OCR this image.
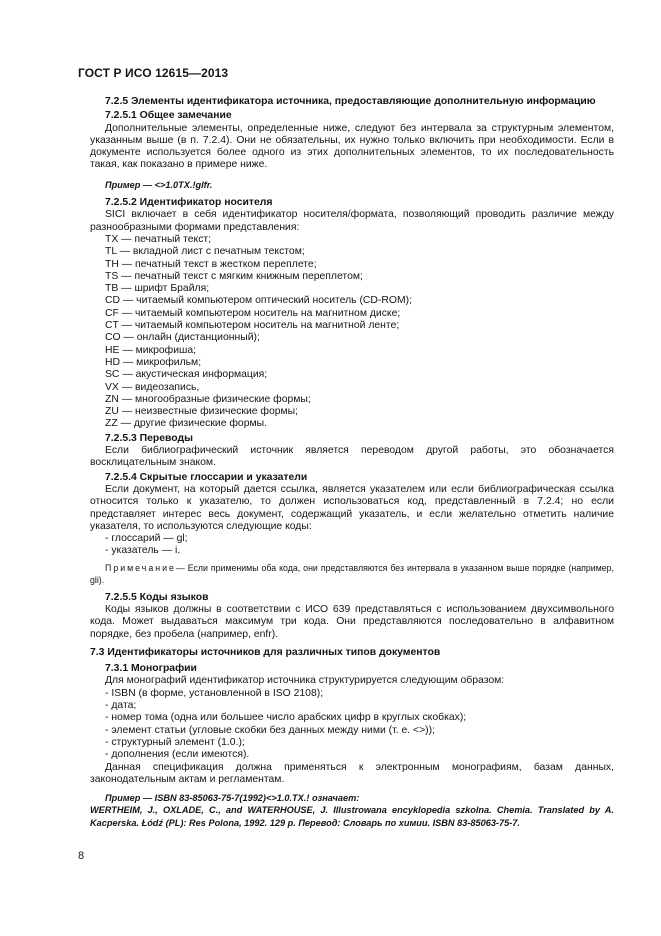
ГОСТ Р ИСО 12615—2013
7.2.5 Элементы идентификатора источника, предоставляющие дополнительную информацию
7.2.5.1 Общее замечание
Дополнительные элементы, определенные ниже, следуют без интервала за структурным элементом, указанным выше (в п. 7.2.4). Они не обязательны, их нужно только включить при необходимости. Если в документе используется более одного из этих дополнительных элементов, то их последовательность такая, как показано в примере ниже.
Пример — <>1.0TX.!glfr.
7.2.5.2 Идентификатор носителя
SICI включает в себя идентификатор носителя/формата, позволяющий проводить различие между разнообразными формами представления:
TX — печатный текст;
TL — вкладной лист с печатным текстом;
TH — печатный текст в жестком переплете;
TS — печатный текст с мягким книжным переплетом;
TB — шрифт Брайля;
CD — читаемый компьютером оптический носитель (CD-ROM);
CF — читаемый компьютером носитель на магнитном диске;
CT — читаемый компьютером носитель на магнитной ленте;
CO — онлайн (дистанционный);
HE — микрофиша;
HD — микрофильм;
SC — акустическая информация;
VX — видеозапись,
ZN — многообразные физические формы;
ZU — неизвестные физические формы;
ZZ — другие физические формы.
7.2.5.3 Переводы
Если библиографический источник является переводом другой работы, это обозначается восклицательным знаком.
7.2.5.4 Скрытые глоссарии и указатели
Если документ, на который дается ссылка, является указателем или если библиографическая ссылка относится только к указателю, то должен использоваться код, представленный в 7.2.4; но если представляет интерес весь документ, содержащий указатель, и если желательно отметить наличие указателя, то используются следующие коды:
- глоссарий — gl;
- указатель — i.
Примечание— Если применимы оба кода, они представляются без интервала в указанном выше порядке (например, gli).
7.2.5.5 Коды языков
Коды языков должны в соответствии с ИСО 639 представляться с использованием двухсимвольного кода. Может выдаваться максимум три кода. Они представляются последовательно в алфавитном порядке, без пробела (например, enfr).
7.3 Идентификаторы источников для различных типов документов
7.3.1 Монографии
Для монографий идентификатор источника структурируется следующим образом:
- ISBN (в форме, установленной в ISO 2108);
- дата;
- номер тома (одна или большее число арабских цифр в круглых скобках);
- элемент статьи (угловые скобки без данных между ними (т. е. <>));
- структурный элемент (1.0.);
- дополнения (если имеются).
Данная спецификация должна применяться к электронным монографиям, базам данных, законодательным актам и регламентам.
Пример — ISBN 83-85063-75-7(1992)<>1.0.TX.! означает:
WERTHEIM, J., OXLADE, C., and WATERHOUSE, J. Illustrowana encyklopedia szkolna. Chemia. Translated by A. Kacperska. Łódź (PL): Res Polona, 1992. 129 p. Перевод: Словарь по химии. ISBN 83-85063-75-7.
8
